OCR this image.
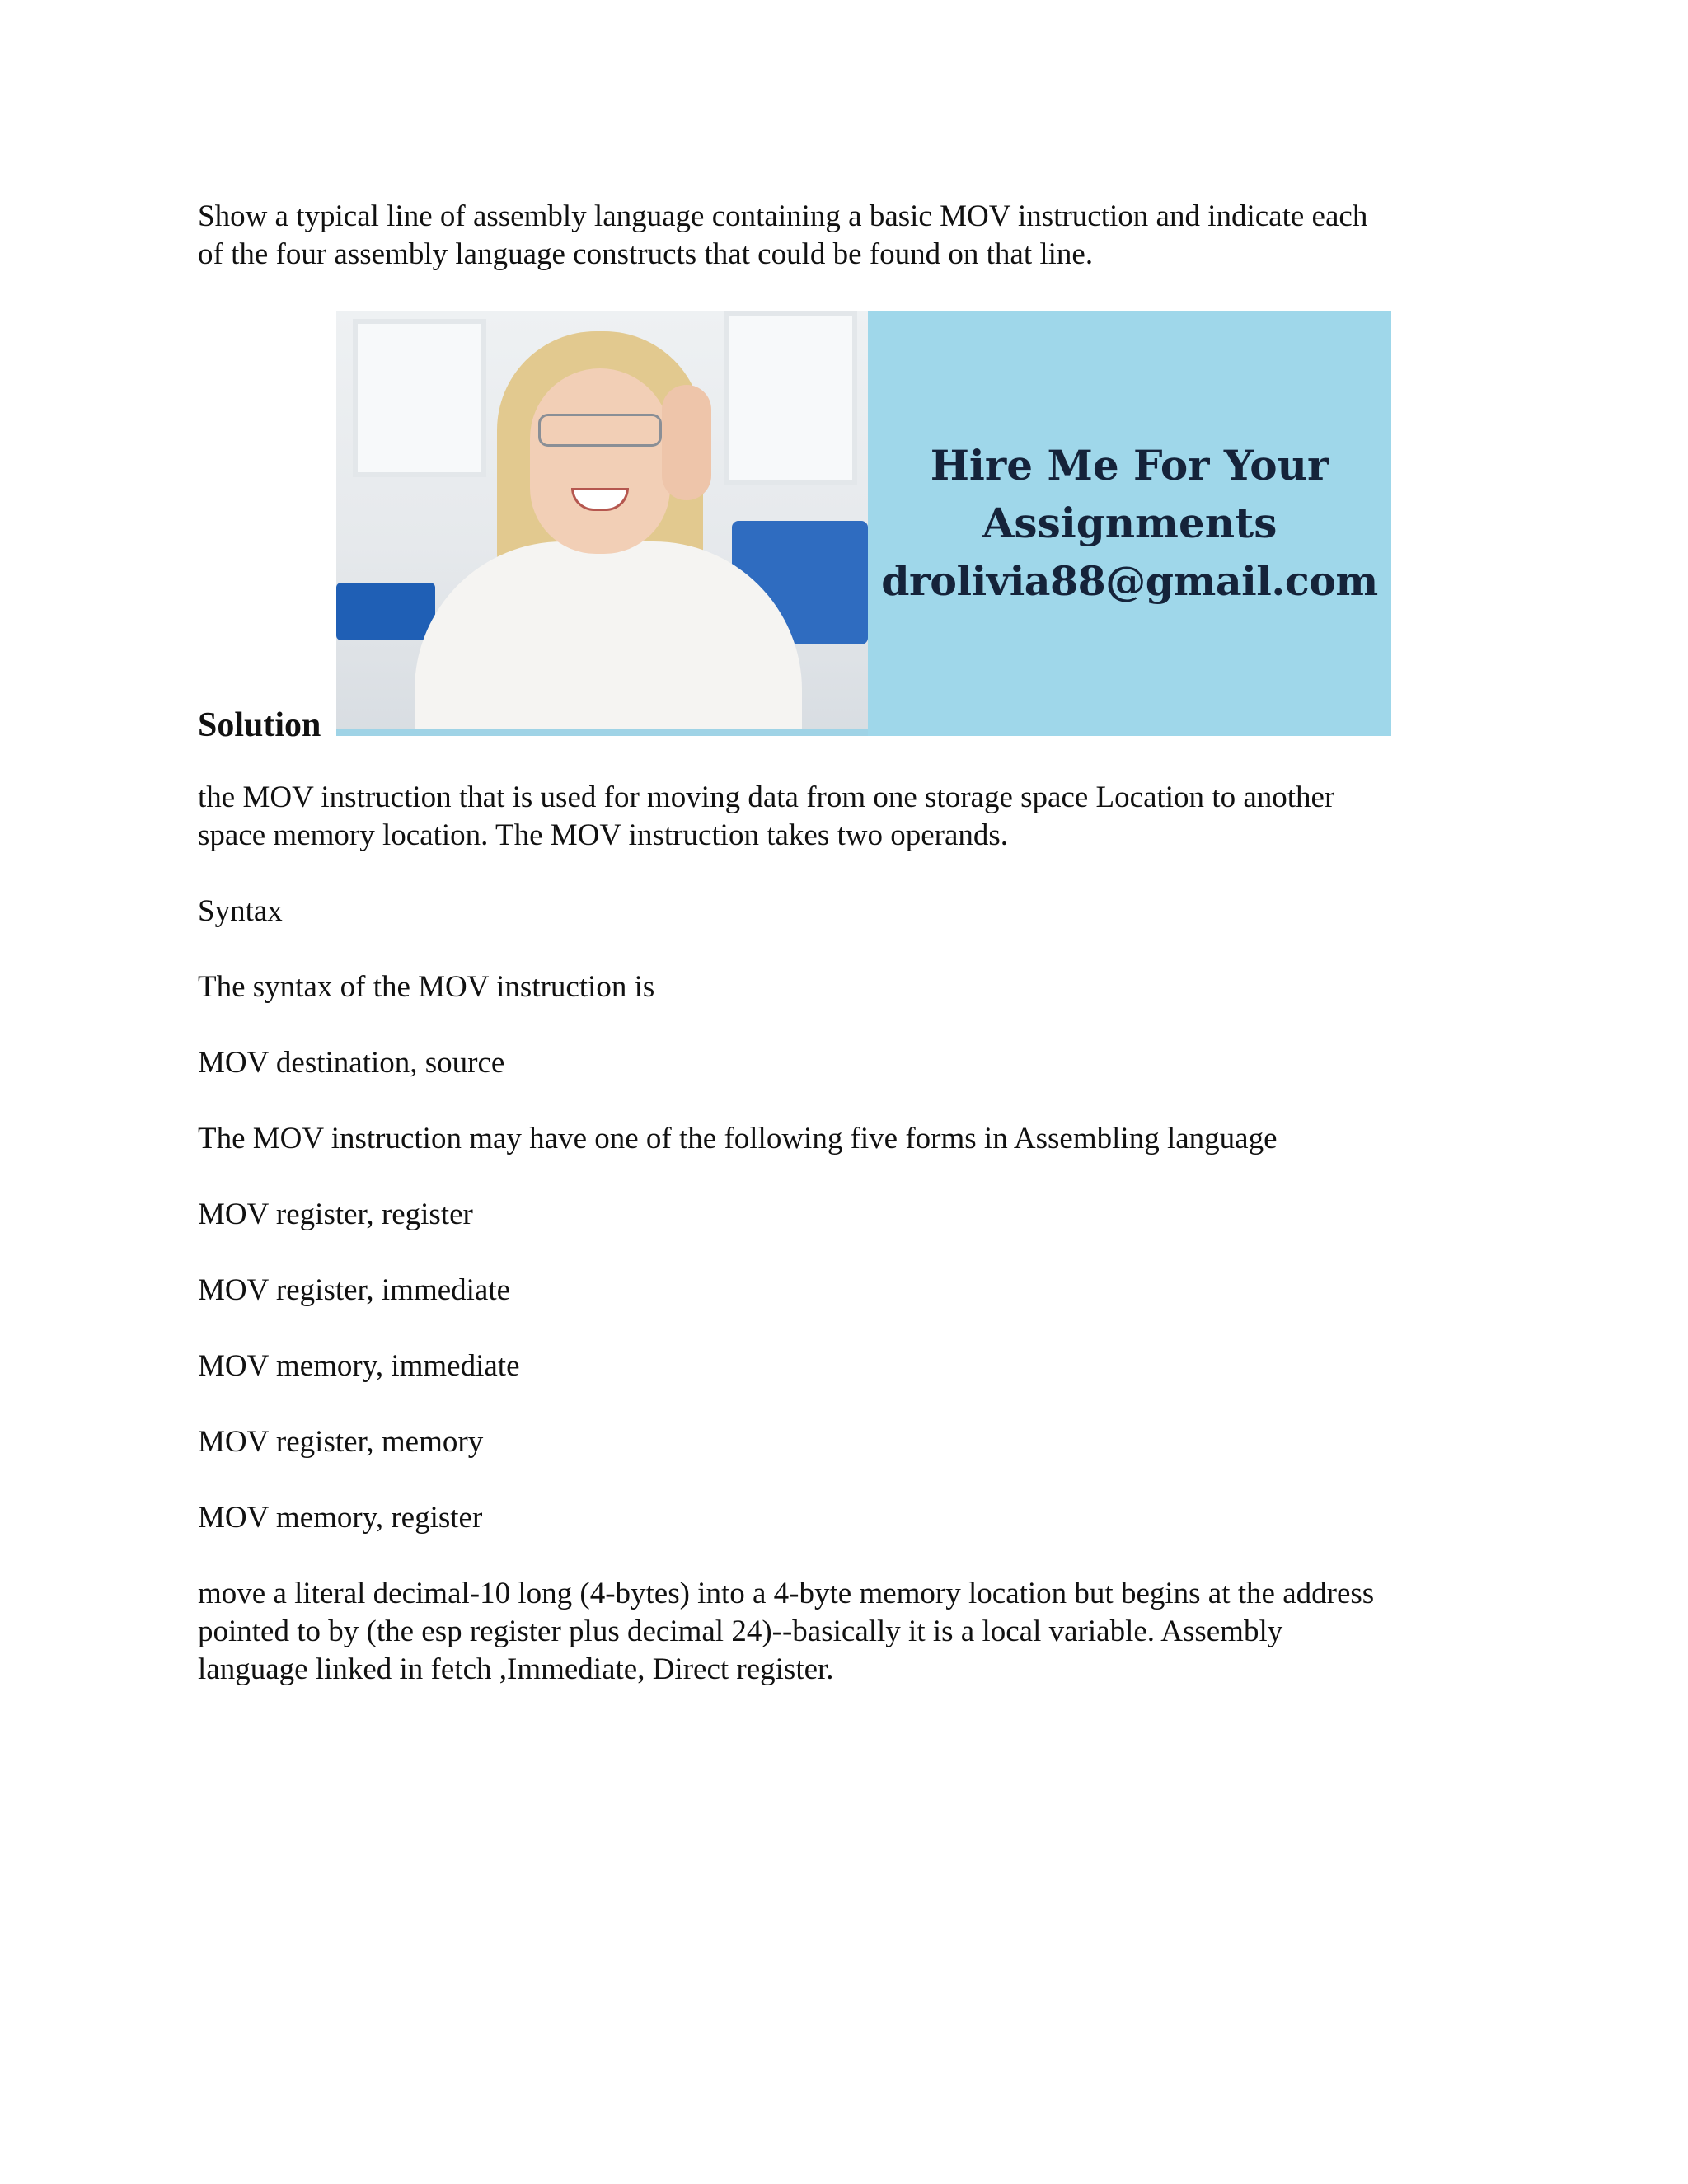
Show a typical line of assembly language containing a basic MOV instruction and indicate each
of the four assembly language constructs that could be found on that line.
Hire Me For Your
Assignments
drolivia88@gmail.com
Solution
the MOV instruction that is used for moving data from one storage space Location to another
space memory location. The MOV instruction takes two operands.
Syntax
The syntax of the MOV instruction is
MOV destination, source
The MOV instruction may have one of the following five forms in Assembling language
MOV register, register
MOV register, immediate
MOV memory, immediate
MOV register, memory
MOV memory, register
move a literal decimal-10 long (4-bytes) into a 4-byte memory location but begins at the address
pointed to by (the esp register plus decimal 24)--basically it is a local variable. Assembly
language linked in fetch ,Immediate, Direct register.
